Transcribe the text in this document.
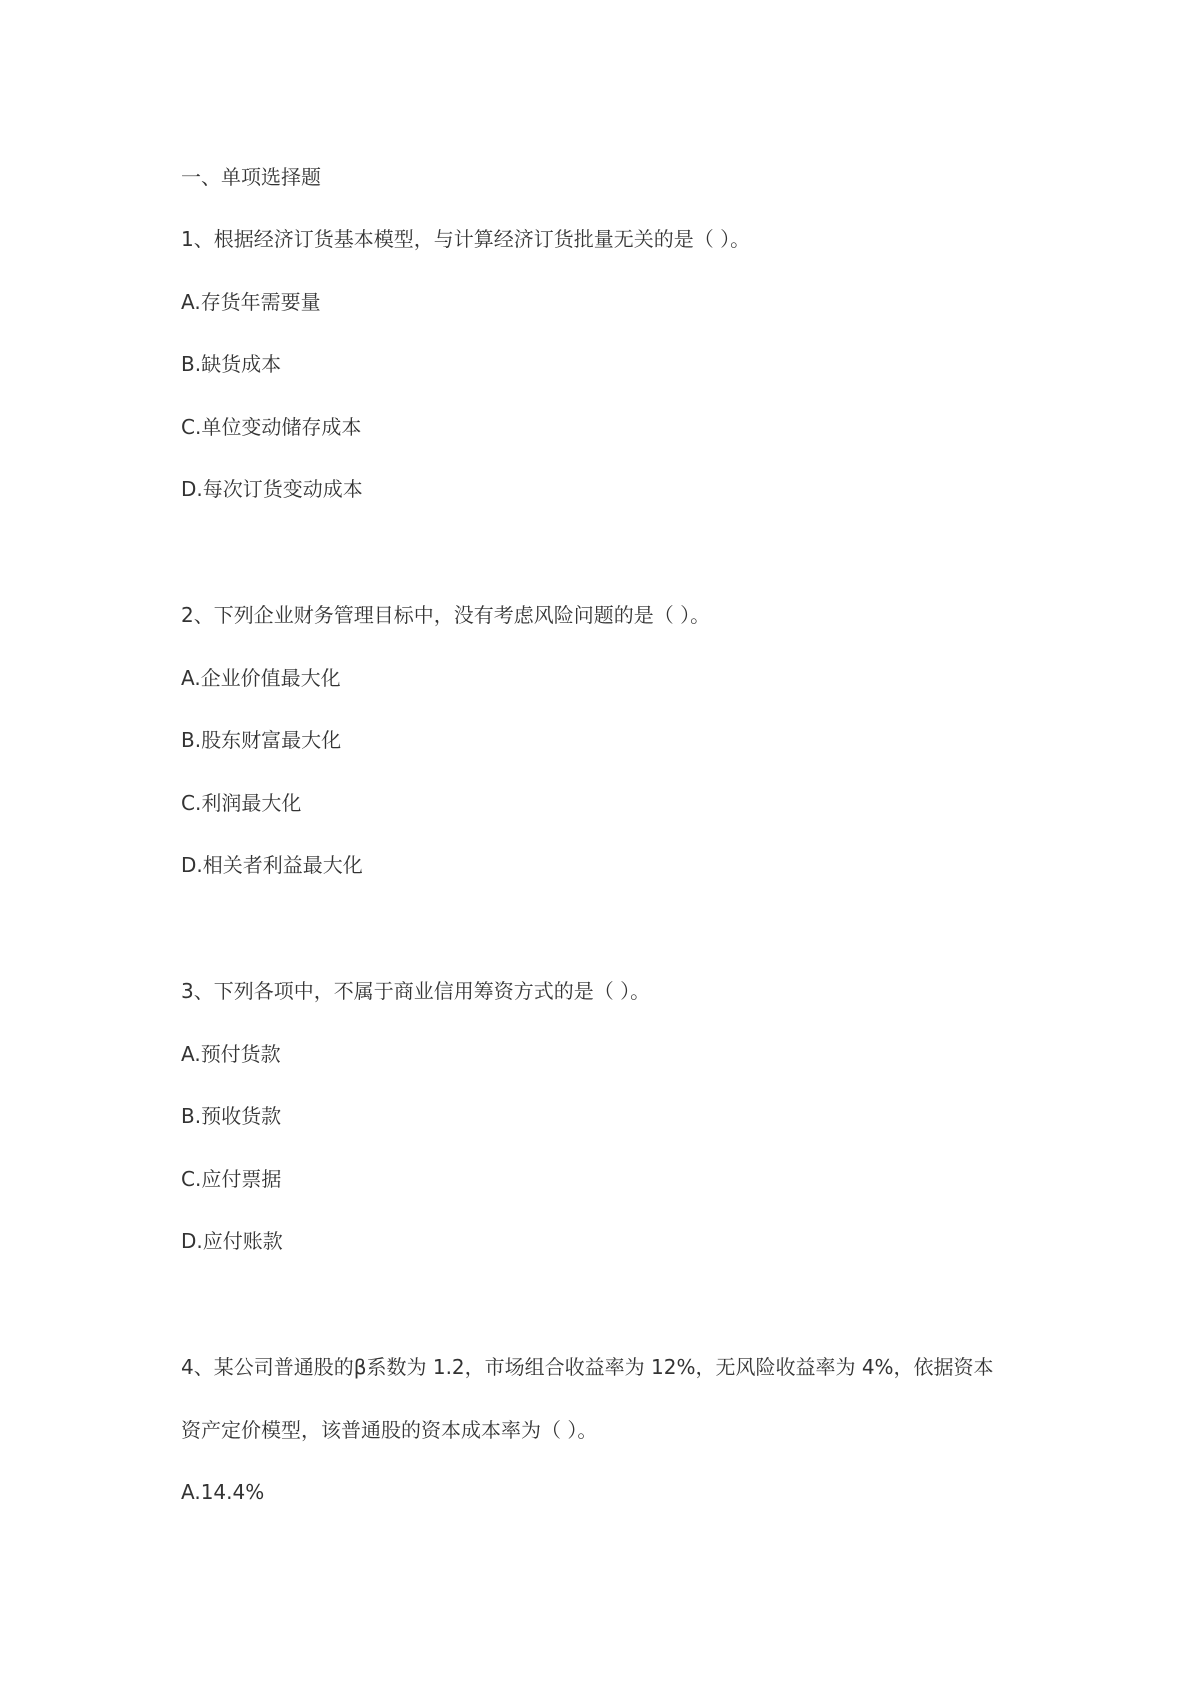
一、单项选择题
1、根据经济订货基本模型，与计算经济订货批量无关的是（ ）。
A.存货年需要量
B.缺货成本
C.单位变动储存成本
D.每次订货变动成本
2、下列企业财务管理目标中，没有考虑风险问题的是（ ）。
A.企业价值最大化
B.股东财富最大化
C.利润最大化
D.相关者利益最大化
3、下列各项中，不属于商业信用筹资方式的是（ ）。
A.预付货款
B.预收货款
C.应付票据
D.应付账款
4、某公司普通股的β系数为 1.2，市场组合收益率为 12%，无风险收益率为 4%，依据资本
资产定价模型，该普通股的资本成本率为（ ）。
A.14.4%
